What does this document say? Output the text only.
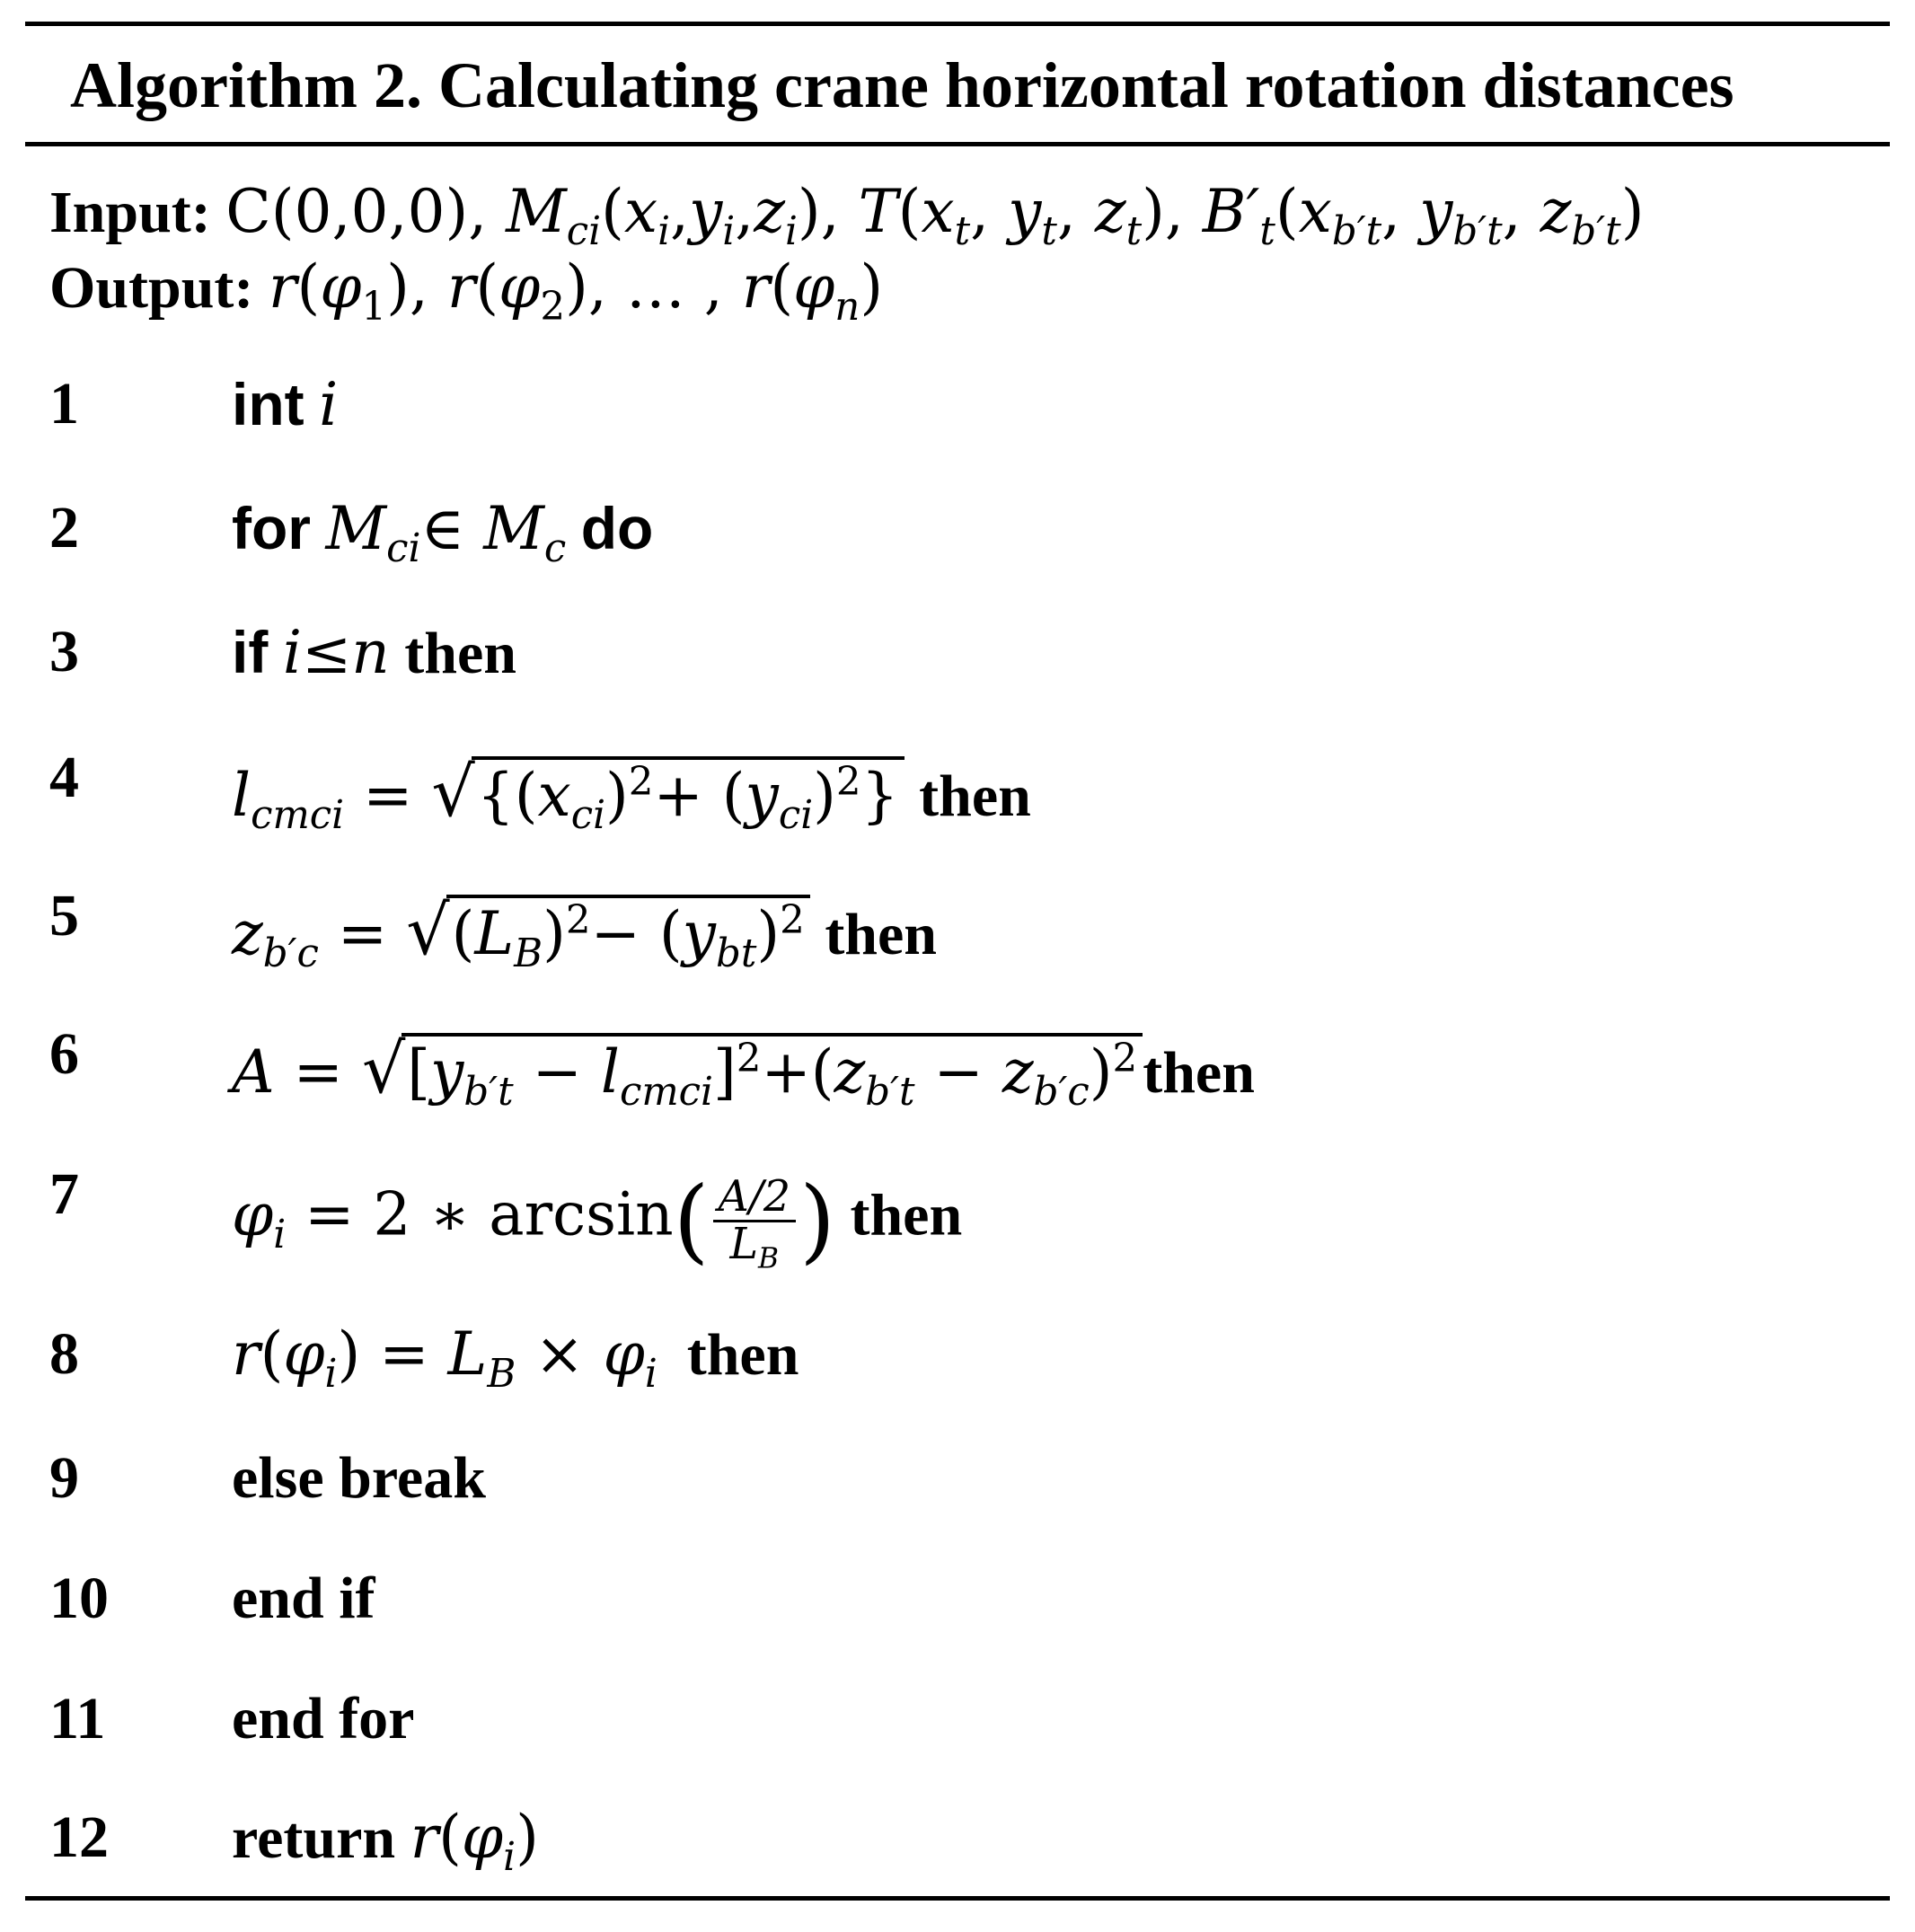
Algorithm 2. Calculating crane horizontal rotation distances
Input: C(0,0,0), $M_{ci}(x_i,y_i,z_i)$, $T(x_t$, $y_t$, $z_t$), $B'_t(x_{b't}$, $y_{b't}$, $z_{b't}$)
Output: $r(\varphi_1)$, $r(\varphi_2)$, … , $r(\varphi_n)$
1	int i
2	for $M_{ci}\in$ $M_c$ do
3	if i≤n then
4	$l_{cmci} = √\{(x_{ci})^2+ (y_{ci})^2\}$ then
5	$z_{b'c} = √(L_B)^2- (y_{bt})^2$ then
6	$A = √[y_{b't} - l_{cmci}]^2+(z_{b't}$ − $z_{b'c})^2then$
7	$\varphi_i = 2$ ∗ $\arcsin( \frac{A/2}{L_B}$ ) then
8	$r(\varphi_i) = L_B \times \varphi_i$ then
9	else break
10 end if
11 end for
12 return $r(\varphi_i)$
